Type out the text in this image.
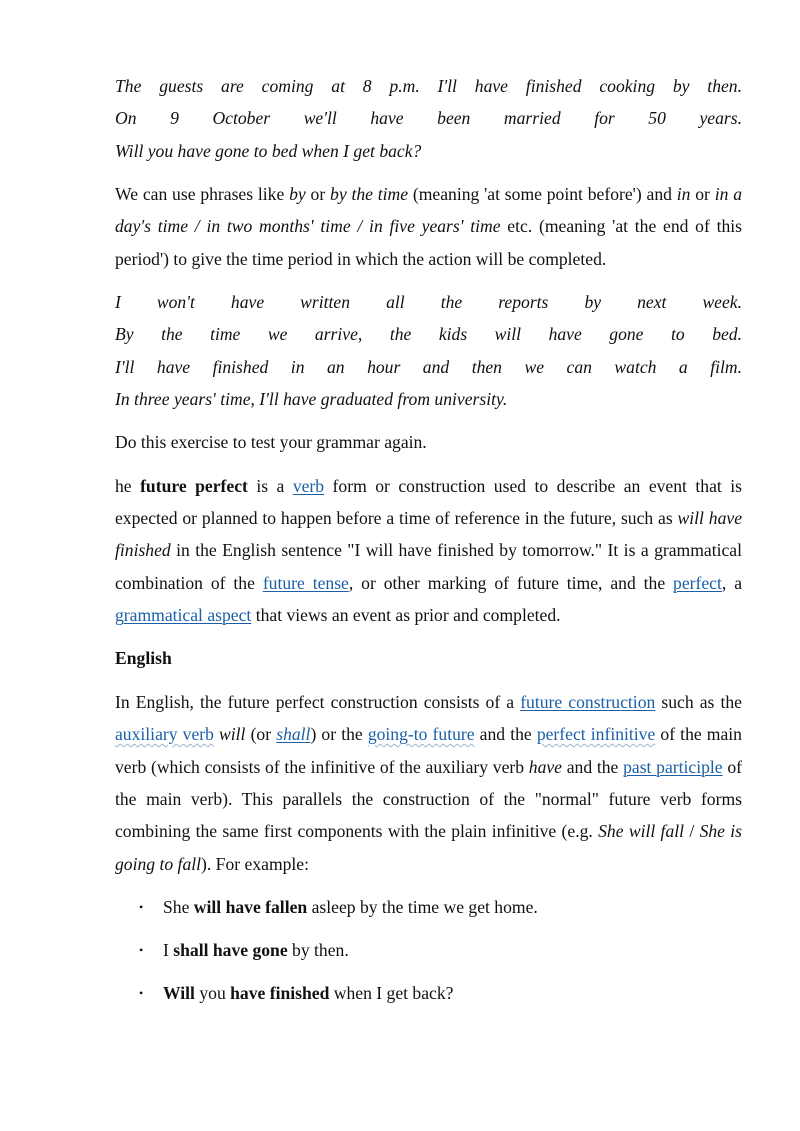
The guests are coming at 8 p.m. I'll have finished cooking by then.

On 9 October we'll have been married for 50 years.

Will you have gone to bed when I get back?

We can use phrases like by or by the time (meaning 'at some point before') and in or in a day's time / in two months' time / in five years' time etc. (meaning 'at the end of this period') to give the time period in which the action will be completed.

I won't have written all the reports by next week.

By the time we arrive, the kids will have gone to bed.

I'll have finished in an hour and then we can watch a film.

In three years' time, I'll have graduated from university.

Do this exercise to test your grammar again.

he future perfect is a verb form or construction used to describe an event that is expected or planned to happen before a time of reference in the future, such as will have finished in the English sentence "I will have finished by tomorrow." It is a grammatical combination of the future tense, or other marking of future time, and the perfect, a grammatical aspect that views an event as prior and completed.

English

In English, the future perfect construction consists of a future construction such as the auxiliary verb will (or shall) or the going-to future and the perfect infinitive of the main verb (which consists of the infinitive of the auxiliary verb have and the past participle of the main verb). This parallels the construction of the "normal" future verb forms combining the same first components with the plain infinitive (e.g. She will fall / She is going to fall). For example:

• She will have fallen asleep by the time we get home.
• I shall have gone by then.
• Will you have finished when I get back?
